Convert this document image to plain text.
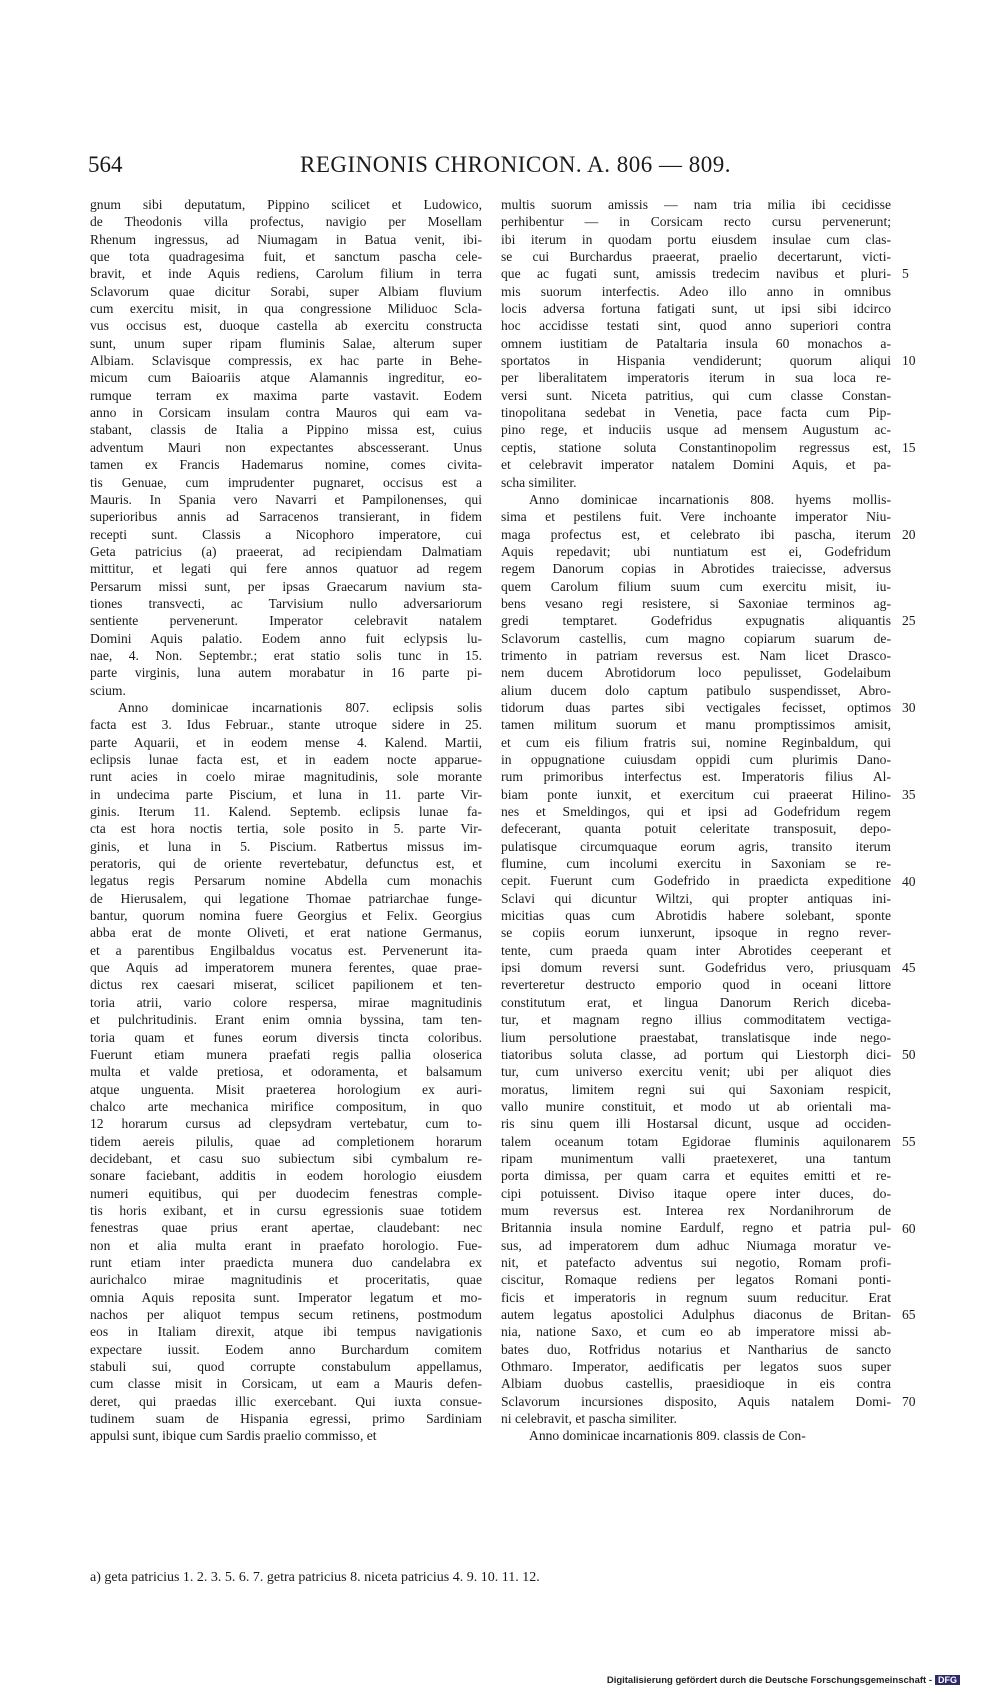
564	REGINONIS CHRONICON. A. 806 — 809.
gnum sibi deputatum, Pippino scilicet et Ludowico,
de Theodonis villa profectus, navigio per Mosellam
Rhenum ingressus, ad Niumagam in Batua venit, ibi-
que tota quadragesima fuit, et sanctum pascha cele-
bravit, et inde Aquis rediens, Carolum filium in terra
Sclavorum quae dicitur Sorabi, super Albiam fluvium
cum exercitu misit, in qua congressione Miliduoc Scla-
vus occisus est, duoque castella ab exercitu constructa
sunt, unum super ripam fluminis Salae, alterum super
Albiam. Sclavisque compressis, ex hac parte in Behe-
micum cum Baioariis atque Alamannis ingreditur, eo-
rumque terram ex maxima parte vastavit. Eodem
anno in Corsicam insulam contra Mauros qui eam va-
stabant, classis de Italia a Pippino missa est, cuius
adventum Mauri non expectantes abscesserant. Unus
tamen ex Francis Hademarus nomine, comes civita-
tis Genuae, cum imprudenter pugnaret, occisus est a
Mauris. In Spania vero Navarri et Pampilonenses, qui
superioribus annis ad Sarracenos transierant, in fidem
recepti sunt. Classis a Nicophoro imperatore, cui
Geta patricius (a) praeerat, ad recipiendam Dalmatiam
mittitur, et legati qui fere annos quatuor ad regem
Persarum missi sunt, per ipsas Graecarum navium sta-
tiones transvecti, ac Tarvisium nullo adversariorum
sentiente pervenerunt. Imperator celebravit natalem
Domini Aquis palatio. Eodem anno fuit eclypsis lu-
nae, 4. Non. Septembr.; erat statio solis tunc in 15.
parte virginis, luna autem morabatur in 16 parte pi-
scium.
Anno dominicae incarnationis 807. eclipsis solis
facta est 3. Idus Februar., stante utroque sidere in 25.
parte Aquarii, et in eodem mense 4. Kalend. Martii,
eclipsis lunae facta est, et in eadem nocte apparue-
runt acies in coelo mirae magnitudinis, sole morante
in undecima parte Piscium, et luna in 11. parte Vir-
ginis. Iterum 11. Kalend. Septemb. eclipsis lunae fa-
cta est hora noctis tertia, sole posito in 5. parte Vir-
ginis, et luna in 5. Piscium. Ratbertus missus im-
peratoris, qui de oriente revertebatur, defunctus est, et
legatus regis Persarum nomine Abdella cum monachis
de Hierusalem, qui legatione Thomae patriarchae funge-
bantur, quorum nomina fuere Georgius et Felix. Georgius
abba erat de monte Oliveti, et erat natione Germanus,
et a parentibus Engilbaldus vocatus est. Pervenerunt ita-
que Aquis ad imperatorem munera ferentes, quae prae-
dictus rex caesari miserat, scilicet papilionem et ten-
toria atrii, vario colore respersa, mirae magnitudinis
et pulchritudinis. Erant enim omnia byssina, tam ten-
toria quam et funes eorum diversis tincta coloribus.
Fuerunt etiam munera praefati regis pallia oloserica
multa et valde pretiosa, et odoramenta, et balsamum
atque unguenta. Misit praeterea horologium ex auri-
chalco arte mechanica mirifice compositum, in quo
12 horarum cursus ad clepsydram vertebatur, cum to-
tidem aereis pilulis, quae ad completionem horarum
decidebant, et casu suo subiectum sibi cymbalum re-
sonare faciebant, additis in eodem horologio eiusdem
numeri equitibus, qui per duodecim fenestras comple-
tis horis exibant, et in cursu egressionis suae totidem
fenestras quae prius erant apertae, claudebant: nec
non et alia multa erant in praefato horologio. Fue-
runt etiam inter praedicta munera duo candelabra ex
aurichalco mirae magnitudinis et proceritatis, quae
omnia Aquis reposita sunt. Imperator legatum et mo-
nachos per aliquot tempus secum retinens, postmodum
eos in Italiam direxit, atque ibi tempus navigationis
expectare iussit. Eodem anno Burchardum comitem
stabuli sui, quod corrupte constabulum appellamus,
cum classe misit in Corsicam, ut eam a Mauris defen-
deret, qui praedas illic exercebant. Qui iuxta consue-
tudinem suam de Hispania egressi, primo Sardiniam
appulsi sunt, ibique cum Sardis praelio commisso, et
multis suorum amissis — nam tria milia ibi cecidisse
perhibentur — in Corsicam recto cursu pervenerunt;
ibi iterum in quodam portu eiusdem insulae cum clas-
se cui Burchardus praeerat, praelio decertarunt, victi-
que ac fugati sunt, amissis tredecim navibus et pluri-
mis suorum interfectis. Adeo illo anno in omnibus
locis adversa fortuna fatigati sunt, ut ipsi sibi idcirco
hoc accidisse testati sint, quod anno superiori contra
omnem iustitiam de Pataltaria insula 60 monachos a-
sportatos in Hispania vendiderunt; quorum aliqui
per liberalitatem imperatoris iterum in sua loca re-
versi sunt. Niceta patritius, qui cum classe Constan-
tinopolitana sedebat in Venetia, pace facta cum Pip-
pino rege, et induciis usque ad mensem Augustum ac-
ceptis, statione soluta Constantinopolim regressus est,
et celebravit imperator natalem Domini Aquis, et pa-
scha similiter.
Anno dominicae incarnationis 808. hyems mollis-
sima et pestilens fuit. Vere inchoante imperator Niu-
maga profectus est, et celebrato ibi pascha, iterum
Aquis repedavit; ubi nuntiatum est ei, Godefridum
regem Danorum copias in Abrotides traiecisse, adversus
quem Carolum filium suum cum exercitu misit, iu-
bens vesano regi resistere, si Saxoniae terminos ag-
gredi temptaret. Godefridus expugnatis aliquantis
Sclavorum castellis, cum magno copiarum suarum de-
trimento in patriam reversus est. Nam licet Drasco-
nem ducem Abrotidorum loco pepulisset, Godelaibum
alium ducem dolo captum patibulo suspendisset, Abro-
tidorum duas partes sibi vectigales fecisset, optimos
tamen militum suorum et manu promptissimos amisit,
et cum eis filium fratris sui, nomine Reginbaldum, qui
in oppugnatione cuiusdam oppidi cum plurimis Dano-
rum primoribus interfectus est. Imperatoris filius Al-
biam ponte iunxit, et exercitum cui praeerat Hilino-
nes et Smeldingos, qui et ipsi ad Godefridum regem
defecerant, quanta potuit celeritate transposuit, depo-
pulatisque circumquaque eorum agris, transito iterum
flumine, cum incolumi exercitu in Saxoniam se re-
cepit. Fuerunt cum Godefrido in praedicta expeditione
Sclavi qui dicuntur Wiltzi, qui propter antiquas ini-
micitias quas cum Abrotidis habere solebant, sponte
se copiis eorum iunxerunt, ipsoque in regno rever-
tente, cum praeda quam inter Abrotides ceeperant et
ipsi domum reversi sunt. Godefridus vero, priusquam
reverteretur destructo emporio quod in oceani littore
constitutum erat, et lingua Danorum Rerich diceba-
tur, et magnam regno illius commoditatem vectiga-
lium persolutione praestabat, translatisque inde nego-
tiatoribus soluta classe, ad portum qui Liestorph dici-
tur, cum universo exercitu venit; ubi per aliquot dies
moratus, limitem regni sui qui Saxoniam respicit,
vallo munire constituit, et modo ut ab orientali ma-
ris sinu quem illi Hostarsal dicunt, usque ad occiden-
talem oceanum totam Egidorae fluminis aquilonarem
ripam munimentum valli praetexeret, una tantum
porta dimissa, per quam carra et equites emitti et re-
cipi potuissent. Diviso itaque opere inter duces, do-
mum reversus est. Interea rex Nordanihrorum de
Britannia insula nomine Eardulf, regno et patria pul-
sus, ad imperatorem dum adhuc Niumaga moratur ve-
nit, et patefacto adventus sui negotio, Romam profi-
ciscitur, Romaque rediens per legatos Romani ponti-
ficis et imperatoris in regnum suum reducitur. Erat
autem legatus apostolici Adulphus diaconus de Britan-
nia, natione Saxo, et cum eo ab imperatore missi ab-
bates duo, Rotfridus notarius et Nantharius de sancto
Othmaro. Imperator, aedificatis per legatos suos super
Albiam duobus castellis, praesidioque in eis contra
Sclavorum incursiones disposito, Aquis natalem Domi-
ni celebravit, et pascha similiter.
Anno dominicae incarnationis 809. classis de Con-
5
10
15
20
25
30
35
40
45
50
55
60
65
70
a) geta patricius 1. 2. 3. 5. 6. 7. getra patricius 8. niceta patricius 4. 9. 10. 11. 12.
Digitalisierung gefördert durch die Deutsche Forschungsgemeinschaft - DFG
